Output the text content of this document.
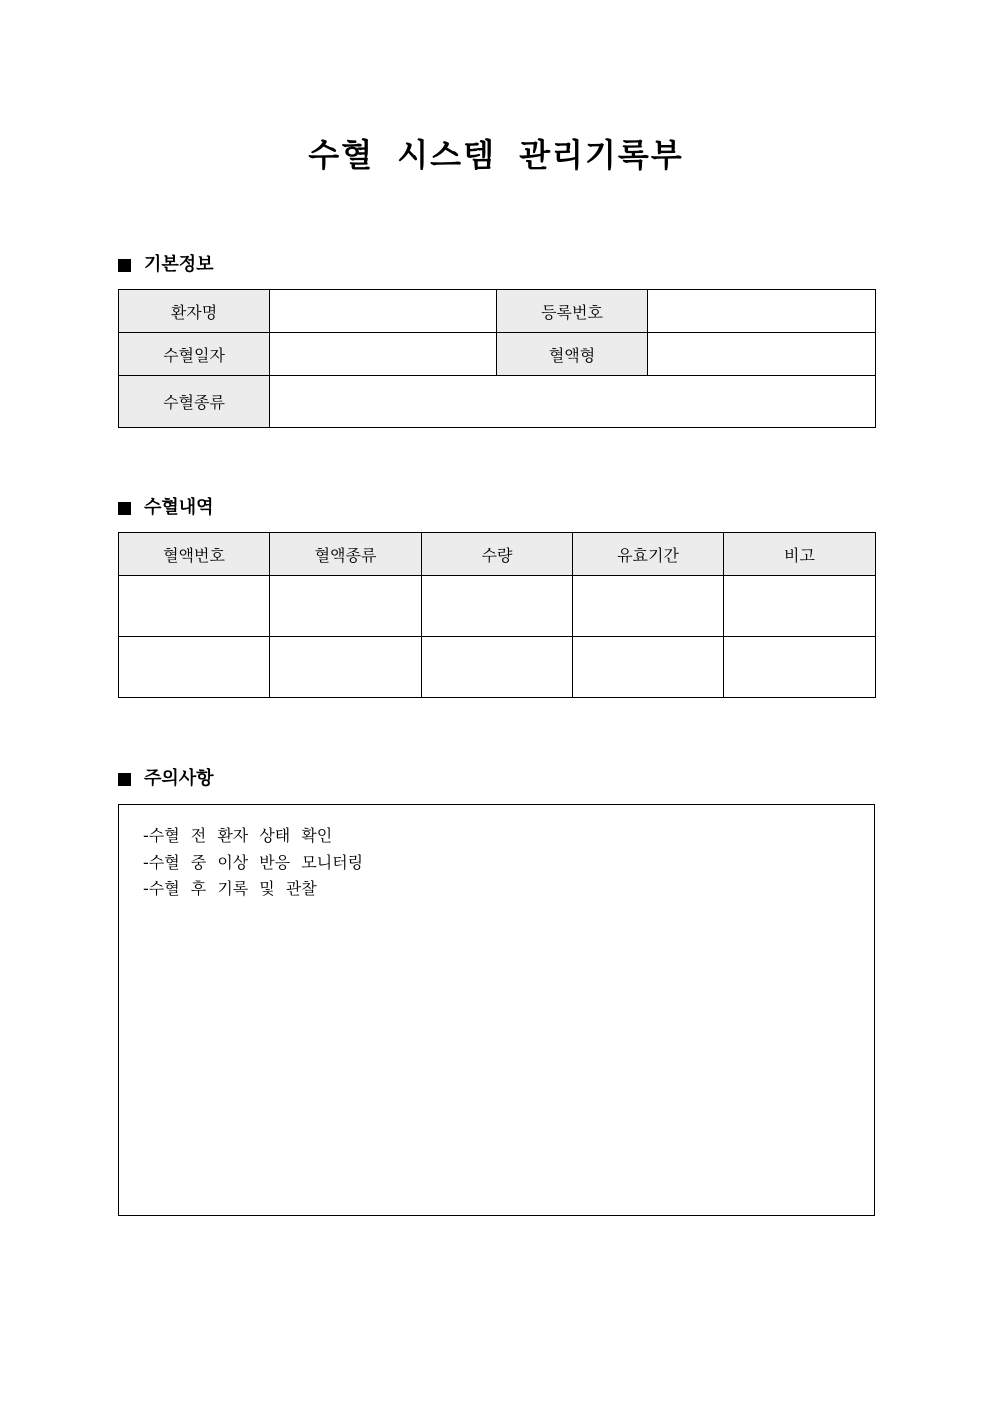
수혈 시스템 관리기록부
기본정보
환자명		등록번호	
수혈일자		혈액형	
수혈종류			
수혈내역
혈액번호	혈액종류	수량	유효기간	비고

주의사항
-수혈 전 환자 상태 확인
-수혈 중 이상 반응 모니터링
-수혈 후 기록 및 관찰
